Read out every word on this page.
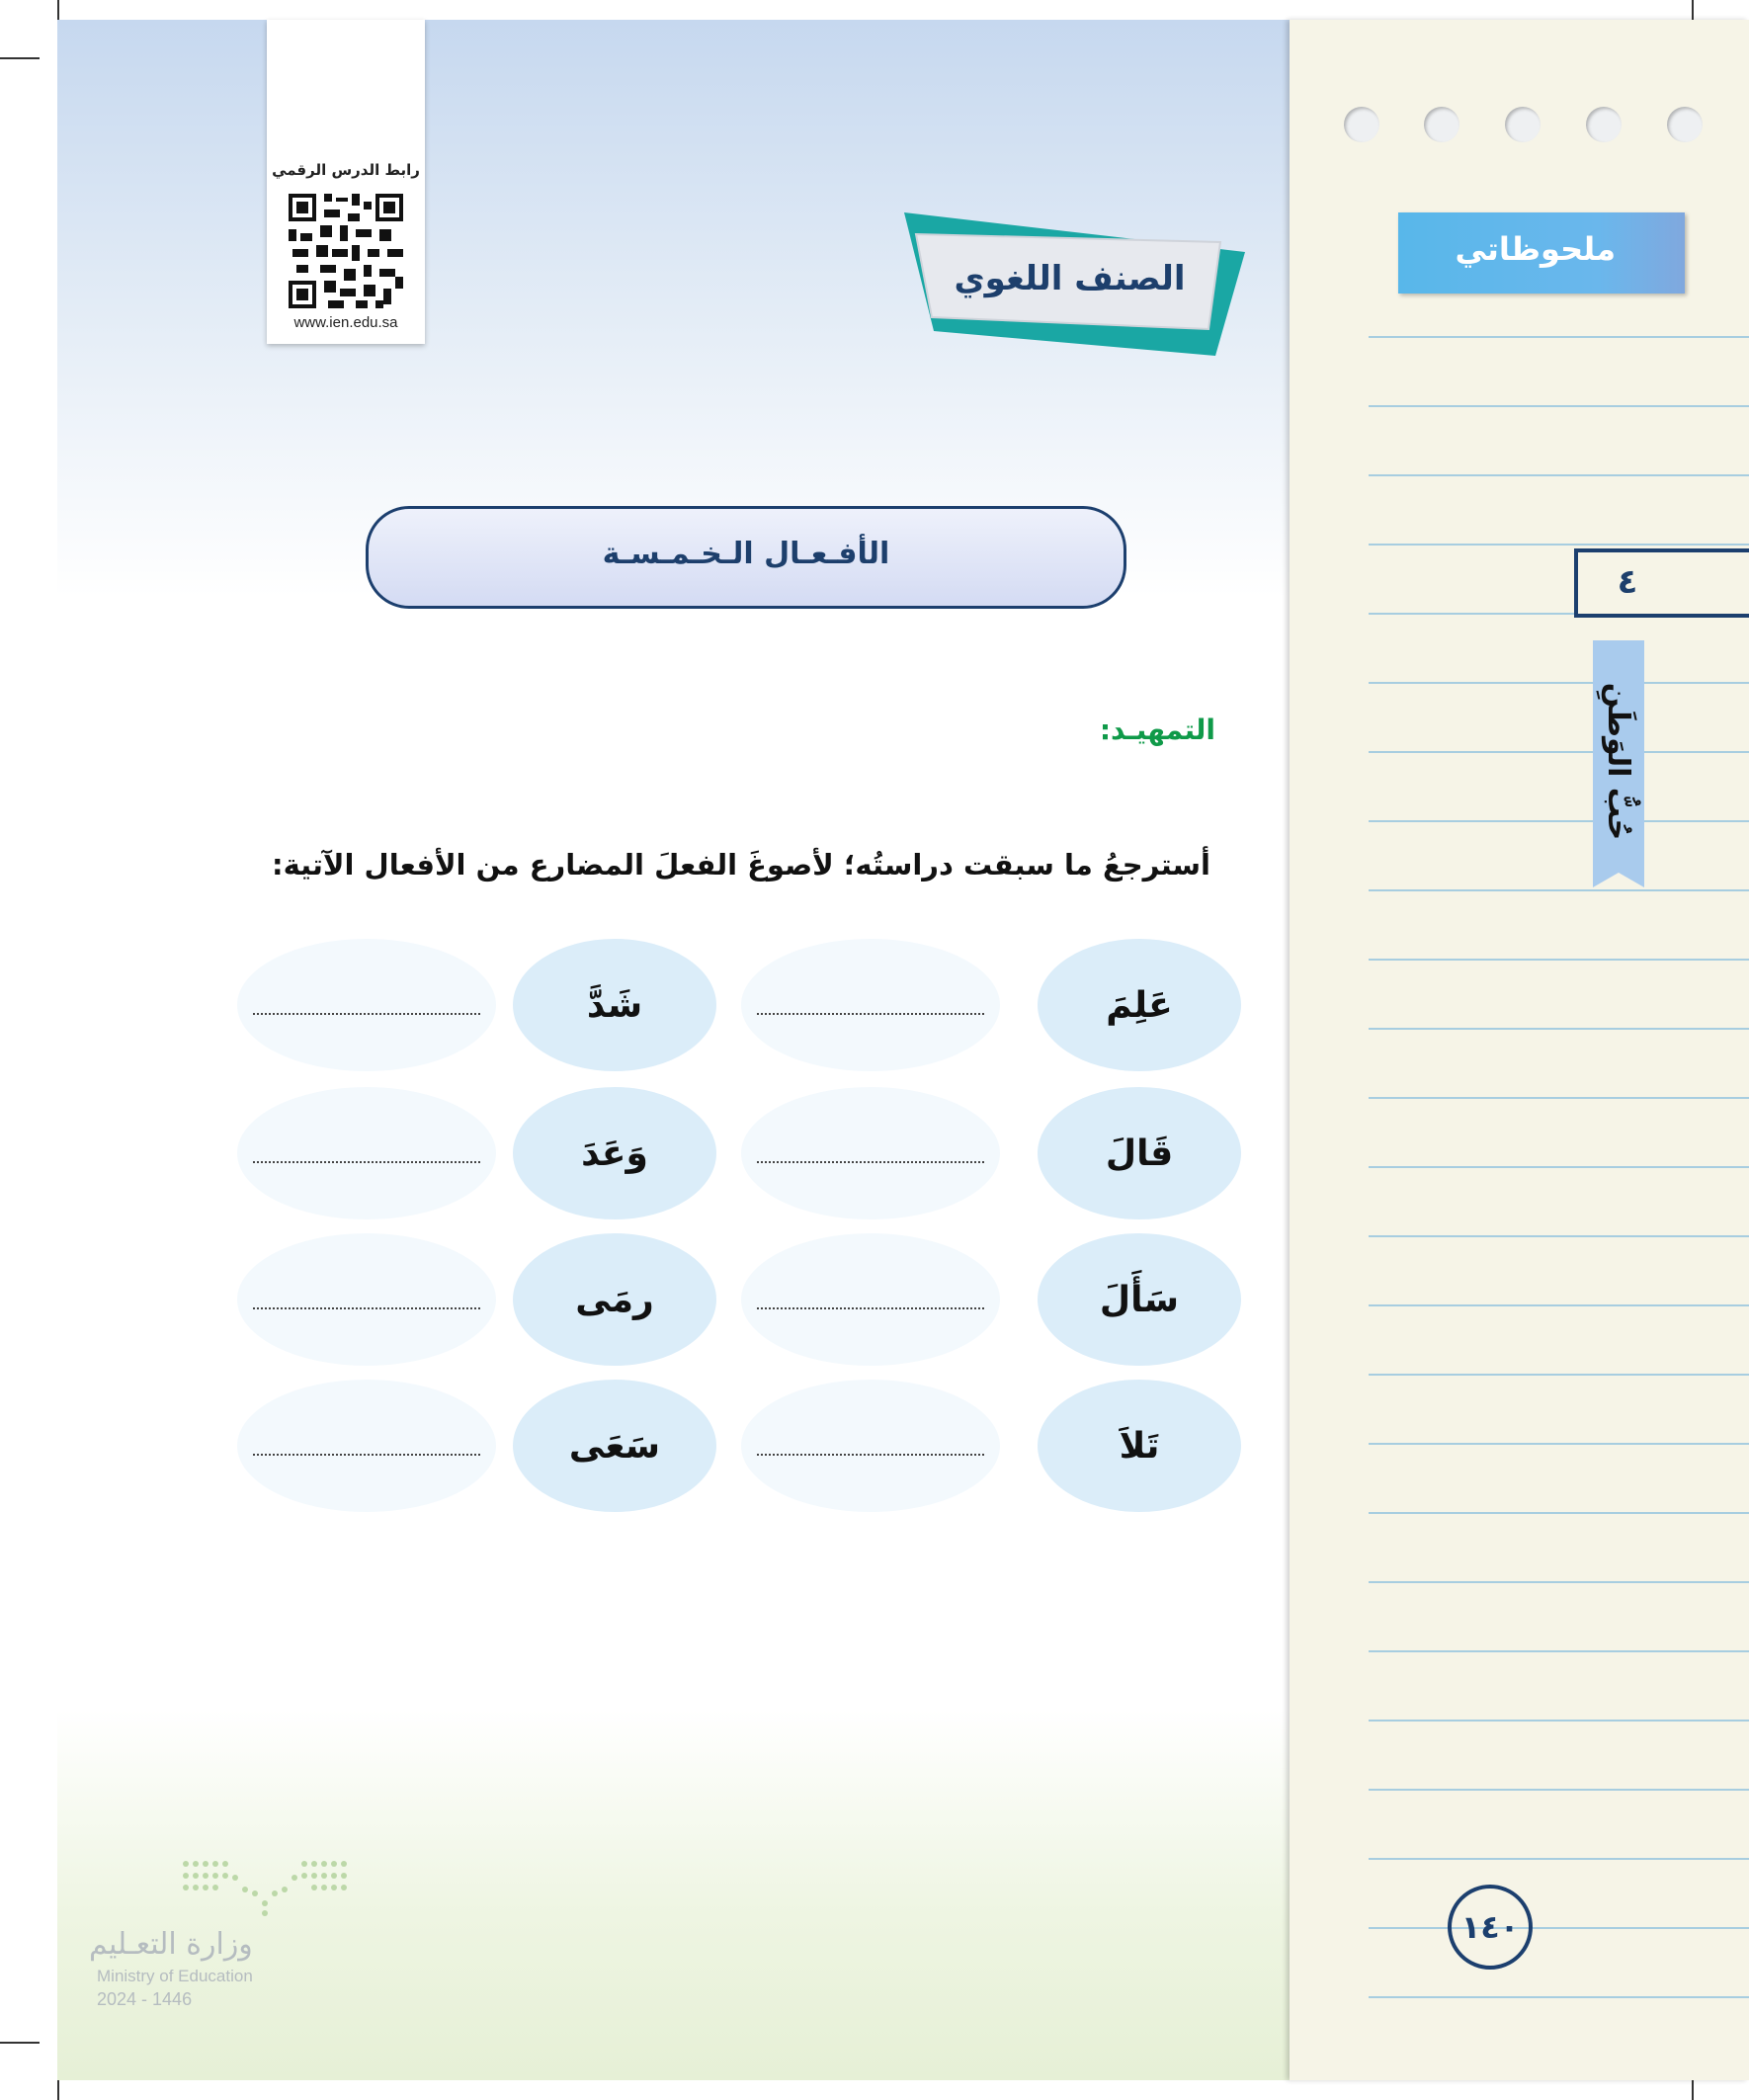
رابط الدرس الرقمي
www.ien.edu.sa
الصنف اللغوي
الأفـعـال الـخـمـسـة
التمهيـد:
أسترجعُ ما سبقت دراستُه؛ لأصوغَ الفعلَ المضارع من الأفعال الآتية:
عَلِمَ
شَدَّ
قَالَ
وَعَدَ
سَأَلَ
رمَى
تَلاَ
سَعَى
وزارة التعـليم
Ministry of Education
2024 - 1446
ملحوظاتي
٤
حُبُّ الوَطَنِ
١٤٠
